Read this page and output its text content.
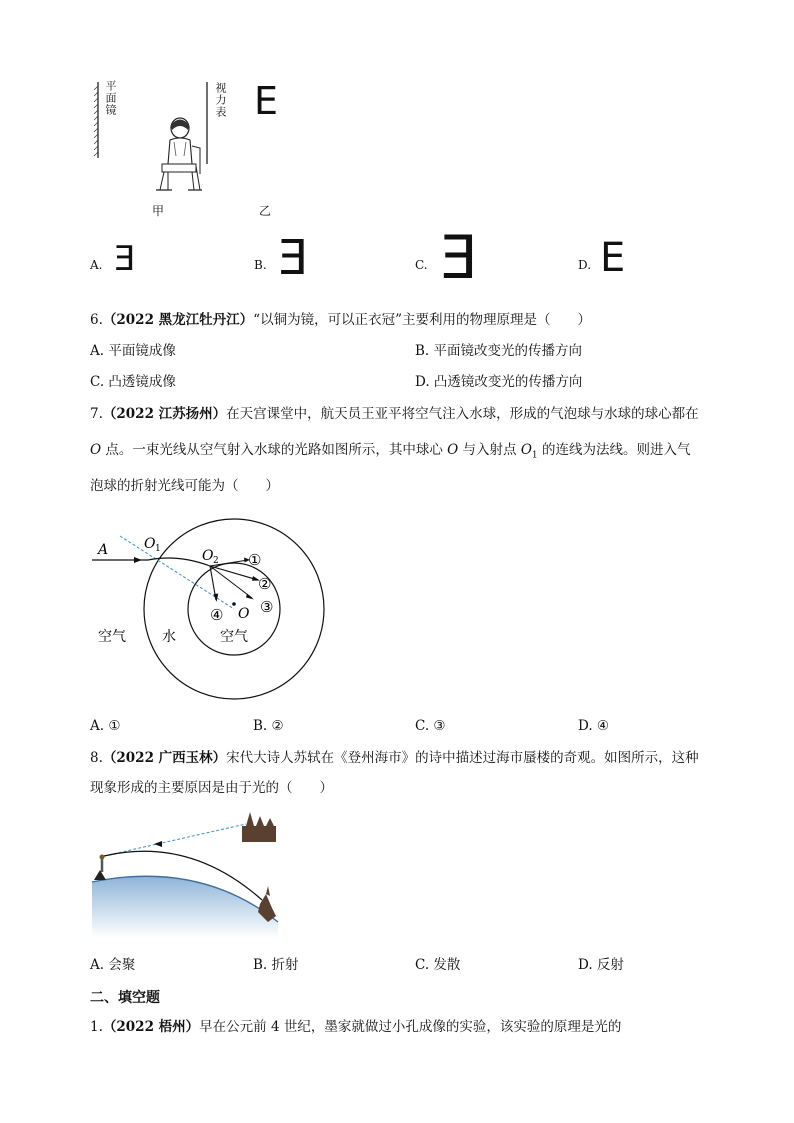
平面镜	视力表 E
甲	乙
A. Ǝ	B. Ǝ	C. Ǝ	D. E
6.（2022 黑龙江牡丹江）“以铜为镜，可以正衣冠”主要利用的物理原理是（　　）
A. 平面镜成像	B. 平面镜改变光的传播方向
C. 凸透镜成像	D. 凸透镜改变光的传播方向
7.（2022 江苏扬州）在天宫课堂中，航天员王亚平将空气注入水球，形成的气泡球与水球的球心都在
O 点。一束光线从空气射入水球的光路如图所示，其中球心 O 与入射点 $O_1$ 的连线为法线。则进入气
泡球的折射光线可能为（　　）
A	O 1	O 2
O
①
②
③
④
空气	水	空气
A. ①	B. ②	C. ③	D. ④
8.（2022 广西玉林）宋代大诗人苏轼在《登州海市》的诗中描述过海市蜃楼的奇观。如图所示，这种
现象形成的主要原因是由于光的（　　）
A. 会聚	B. 折射	C. 发散	D. 反射
二、填空题
1.（2022 梧州）早在公元前 4 世纪，墨家就做过小孔成像的实验，该实验的原理是光的
